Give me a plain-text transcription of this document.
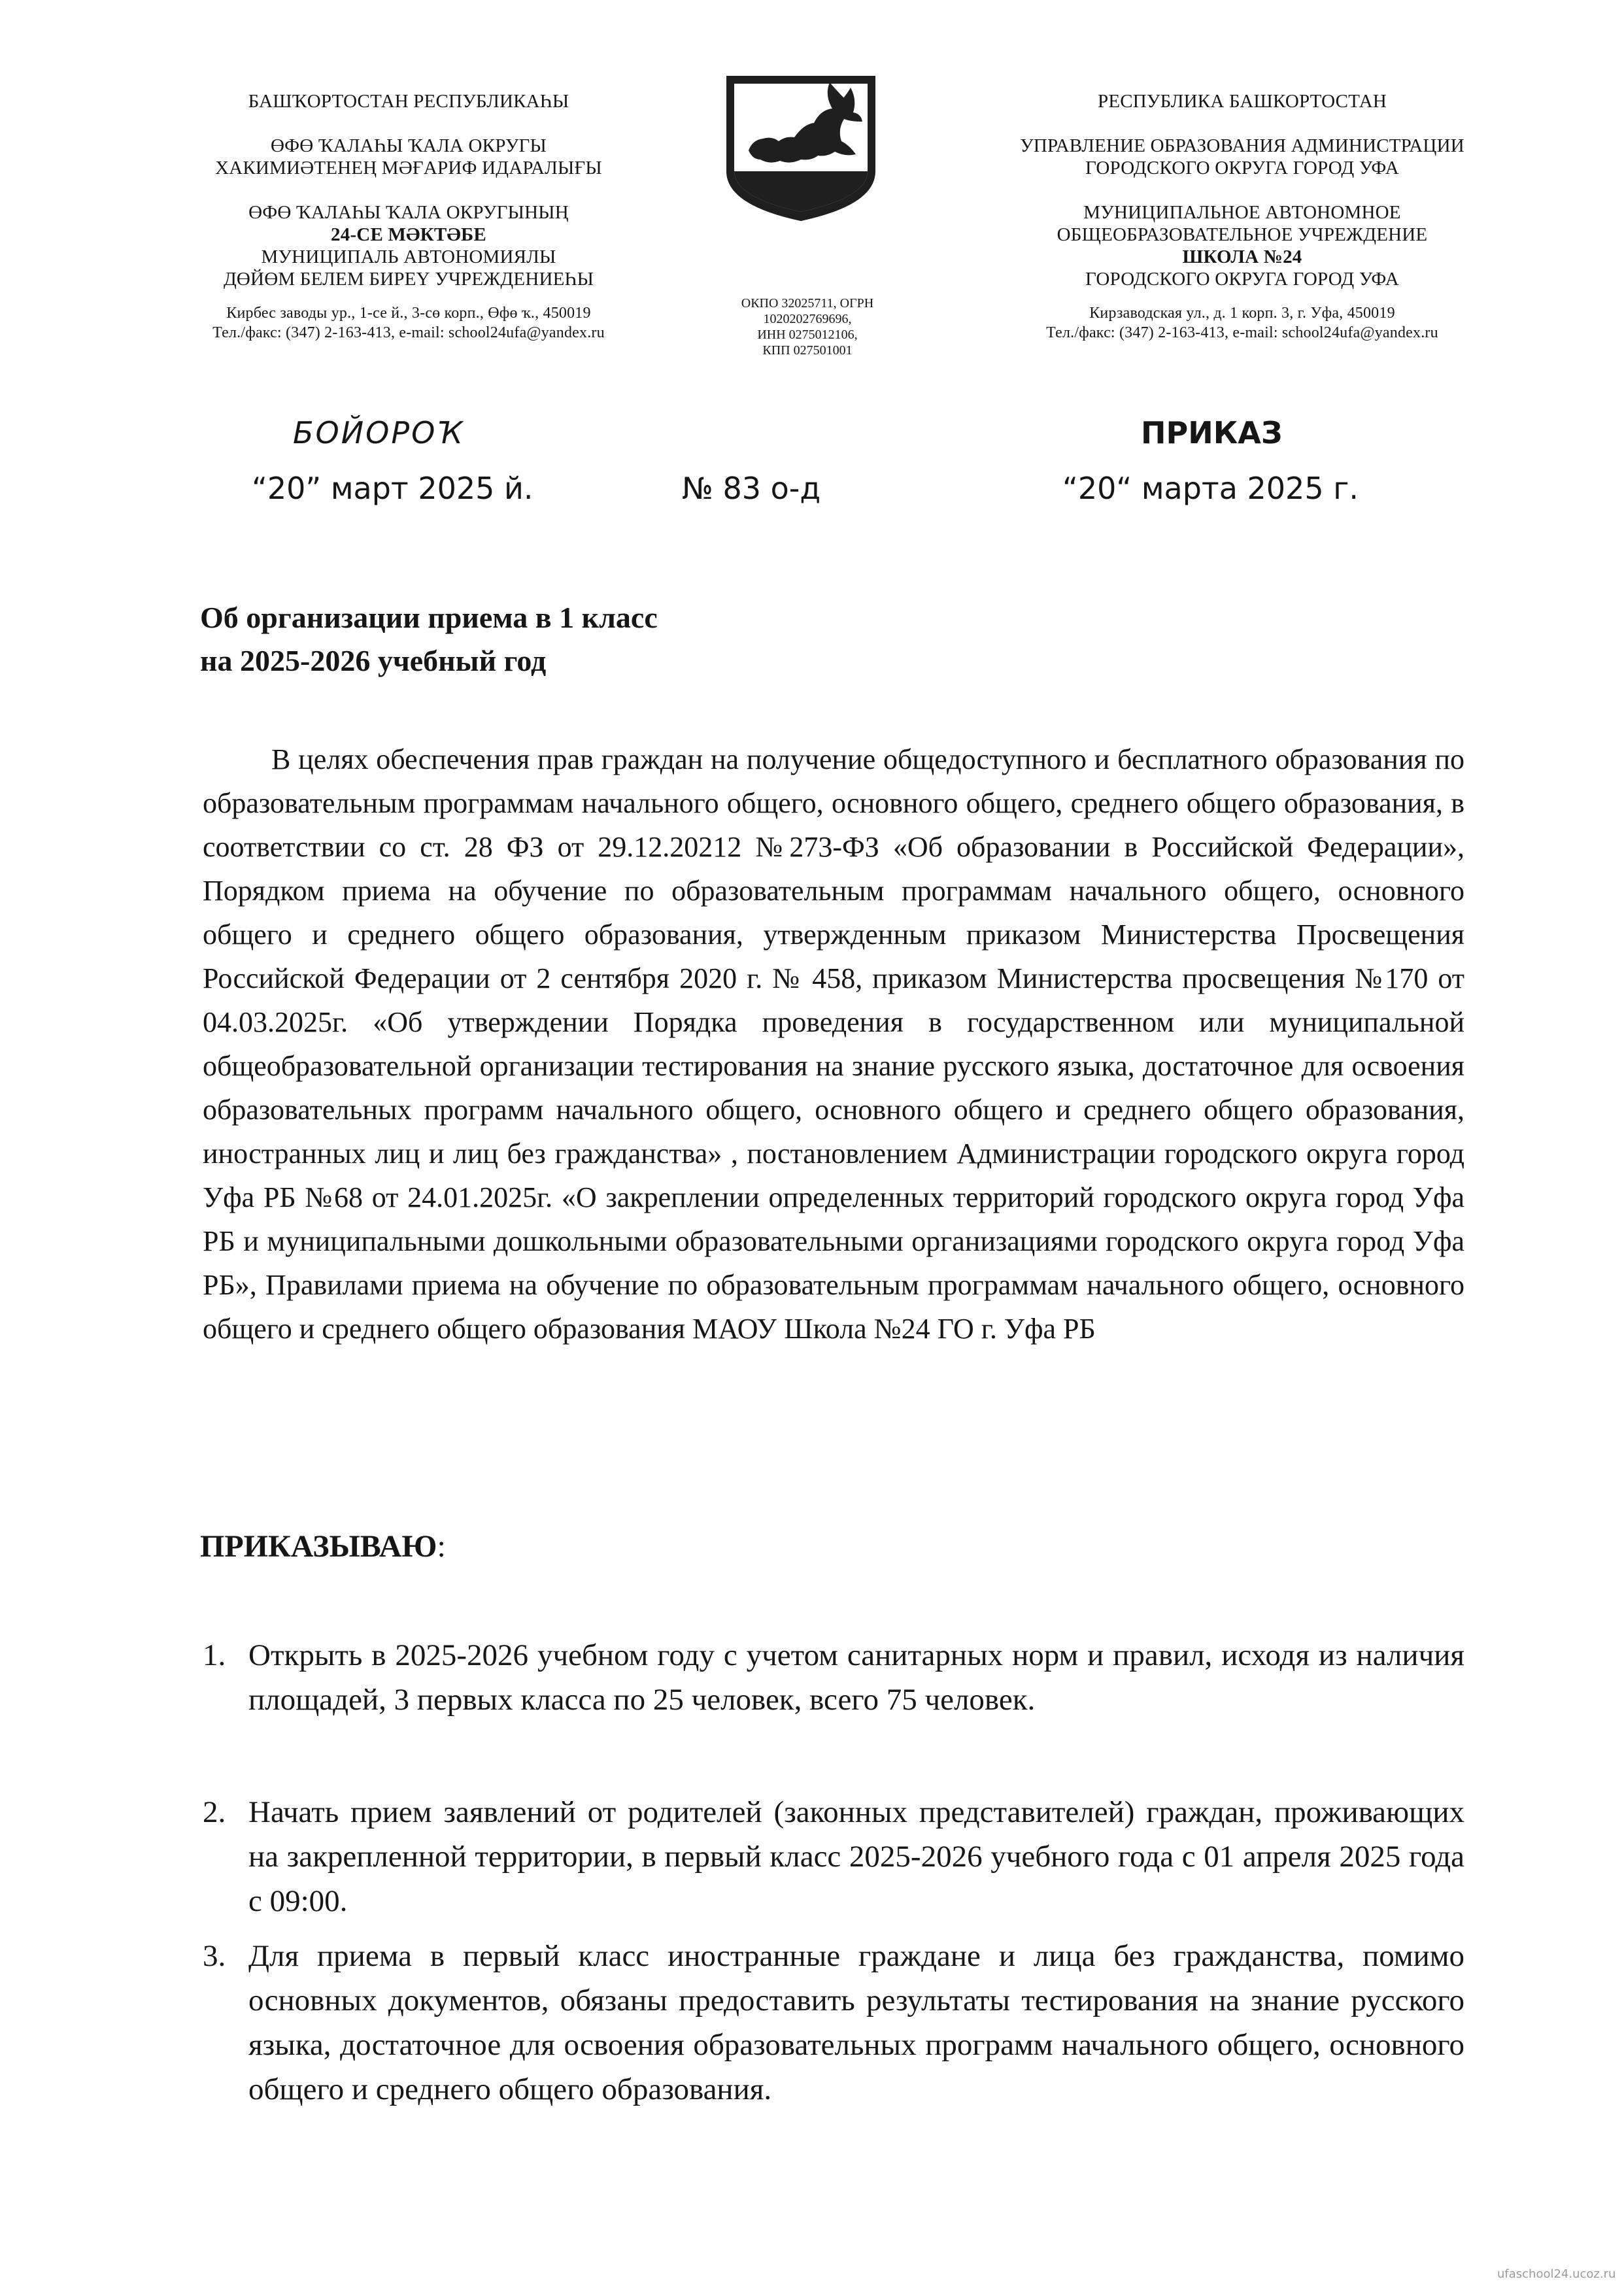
БАШҠОРТОСТАН РЕСПУБЛИКАҺЫ
ӨФӨ ҠАЛАҺЫ ҠАЛА ОКРУГЫ
ХАКИМИӘТЕНЕҢ МӘҒАРИФ ИДАРАЛЫҒЫ
ӨФӨ ҠАЛАҺЫ ҠАЛА ОКРУГЫНЫҢ
24-СЕ МӘКТӘБЕ
МУНИЦИПАЛЬ АВТОНОМИЯЛЫ
ДӨЙӨМ БЕЛЕМ БИРЕҮ УЧРЕЖДЕНИЕҺЫ
Кирбес заводы ур., 1-се й., 3-сө корп., Өфө ҡ., 450019
Тел./факс: (347) 2-163-413, e-mail: school24ufa@yandex.ru
ОКПО 32025711, ОГРН
1020202769696,
ИНН 0275012106,
КПП 027501001
РЕСПУБЛИКА БАШКОРТОСТАН
УПРАВЛЕНИЕ ОБРАЗОВАНИЯ АДМИНИСТРАЦИИ
ГОРОДСКОГО ОКРУГА ГОРОД УФА
МУНИЦИПАЛЬНОЕ АВТОНОМНОЕ
ОБЩЕОБРАЗОВАТЕЛЬНОЕ УЧРЕЖДЕНИЕ
ШКОЛА №24
ГОРОДСКОГО ОКРУГА ГОРОД УФА
Кирзаводская ул., д. 1 корп. 3, г. Уфа, 450019
Тел./факс: (347) 2-163-413, e-mail: school24ufa@yandex.ru
БОЙОРОҠ
“20” март 2025 й.	№ 83 о-д
ПРИКАЗ
“20“ марта 2025 г.
Об организации приема в 1 класс
на 2025-2026 учебный год
В целях обеспечения прав граждан на получение общедоступного и бесплатного образования по образовательным программам начального общего, основного общего, среднего общего образования, в соответствии со ст. 28 ФЗ от 29.12.20212 №273-ФЗ «Об образовании в Российской Федерации», Порядком приема на обучение по образовательным программам начального общего, основного общего и среднего общего образования, утвержденным приказом Министерства Просвещения Российской Федерации от 2 сентября 2020 г. № 458, приказом Министерства просвещения №170 от 04.03.2025г. «Об утверждении Порядка проведения в государственном или муниципальной общеобразовательной организации тестирования на знание русского языка, достаточное для освоения образовательных программ начального общего, основного общего и среднего общего образования, иностранных лиц и лиц без гражданства» , постановлением Администрации городского округа город Уфа РБ №68 от 24.01.2025г. «О закреплении определенных территорий городского округа город Уфа РБ и муниципальными дошкольными образовательными организациями городского округа город Уфа РБ», Правилами приема на обучение по образовательным программам начального общего, основного общего и среднего общего образования МАОУ Школа №24 ГО г. Уфа РБ
ПРИКАЗЫВАЮ:
1. Открыть в 2025-2026 учебном году с учетом санитарных норм и правил, исходя из наличия площадей, 3 первых класса по 25 человек, всего 75 человек.
2. Начать прием заявлений от родителей (законных представителей) граждан, проживающих на закрепленной территории, в первый класс 2025-2026 учебного года с 01 апреля 2025 года с 09:00.
3. Для приема в первый класс иностранные граждане и лица без гражданства, помимо основных документов, обязаны предоставить результаты тестирования на знание русского языка, достаточное для освоения образовательных программ начального общего, основного общего и среднего общего образования.
ufaschool24.ucoz.ru
